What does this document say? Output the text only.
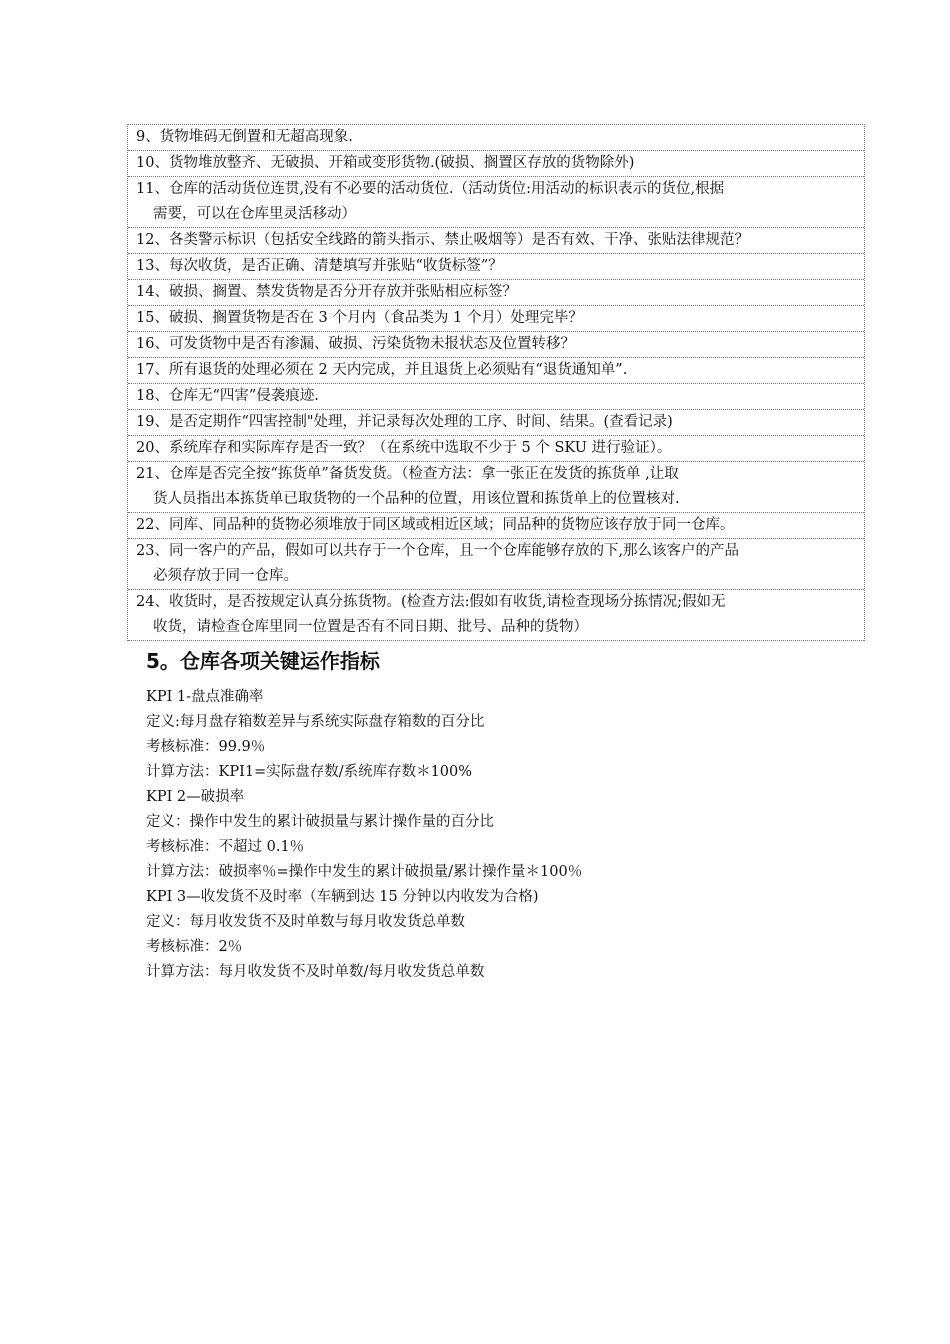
9、货物堆码无倒置和无超高现象.
10、货物堆放整齐、无破损、开箱或变形货物.(破损、搁置区存放的货物除外)
11、仓库的活动货位连贯,没有不必要的活动货位.（活动货位:用活动的标识表示的货位,根据
需要，可以在仓库里灵活移动）
12、各类警示标识（包括安全线路的箭头指示、禁止吸烟等）是否有效、干净、张贴法律规范？
13、每次收货，是否正确、清楚填写并张贴“收货标签”？
14、破损、搁置、禁发货物是否分开存放并张贴相应标签？
15、破损、搁置货物是否在 3 个月内（食品类为 1 个月）处理完毕？
16、可发货物中是否有渗漏、破损、污染货物未报状态及位置转移？
17、所有退货的处理必须在 2 天内完成，并且退货上必须贴有“退货通知单”.
18、仓库无“四害”侵袭痕迹.
19、是否定期作“四害控制"处理，并记录每次处理的工序、时间、结果。(查看记录)
20、系统库存和实际库存是否一致？（在系统中选取不少于 5 个 SKU 进行验证）。
21、仓库是否完全按“拣货单”备货发货。（检查方法：拿一张正在发货的拣货单 ,让取
货人员指出本拣货单已取货物的一个品种的位置，用该位置和拣货单上的位置核对.
22、同库、同品种的货物必须堆放于同区域或相近区域；同品种的货物应该存放于同一仓库。
23、同一客户的产品，假如可以共存于一个仓库，且一个仓库能够存放的下,那么该客户的产品
必须存放于同一仓库。
24、收货时，是否按规定认真分拣货物。(检查方法:假如有收货,请检查现场分拣情况;假如无
收货，请检查仓库里同一位置是否有不同日期、批号、品种的货物）
5。仓库各项关键运作指标
KPI 1-盘点准确率
定义:每月盘存箱数差异与系统实际盘存箱数的百分比
考核标准：99.9％
计算方法：KPI1=实际盘存数/系统库存数＊100%
KPI 2—破损率
定义：操作中发生的累计破损量与累计操作量的百分比
考核标准：不超过 0.1％
计算方法：破损率％=操作中发生的累计破损量/累计操作量＊100％
KPI 3—收发货不及时率（车辆到达 15 分钟以内收发为合格)
定义：每月收发货不及时单数与每月收发货总单数
考核标准：2％
计算方法：每月收发货不及时单数/每月收发货总单数
